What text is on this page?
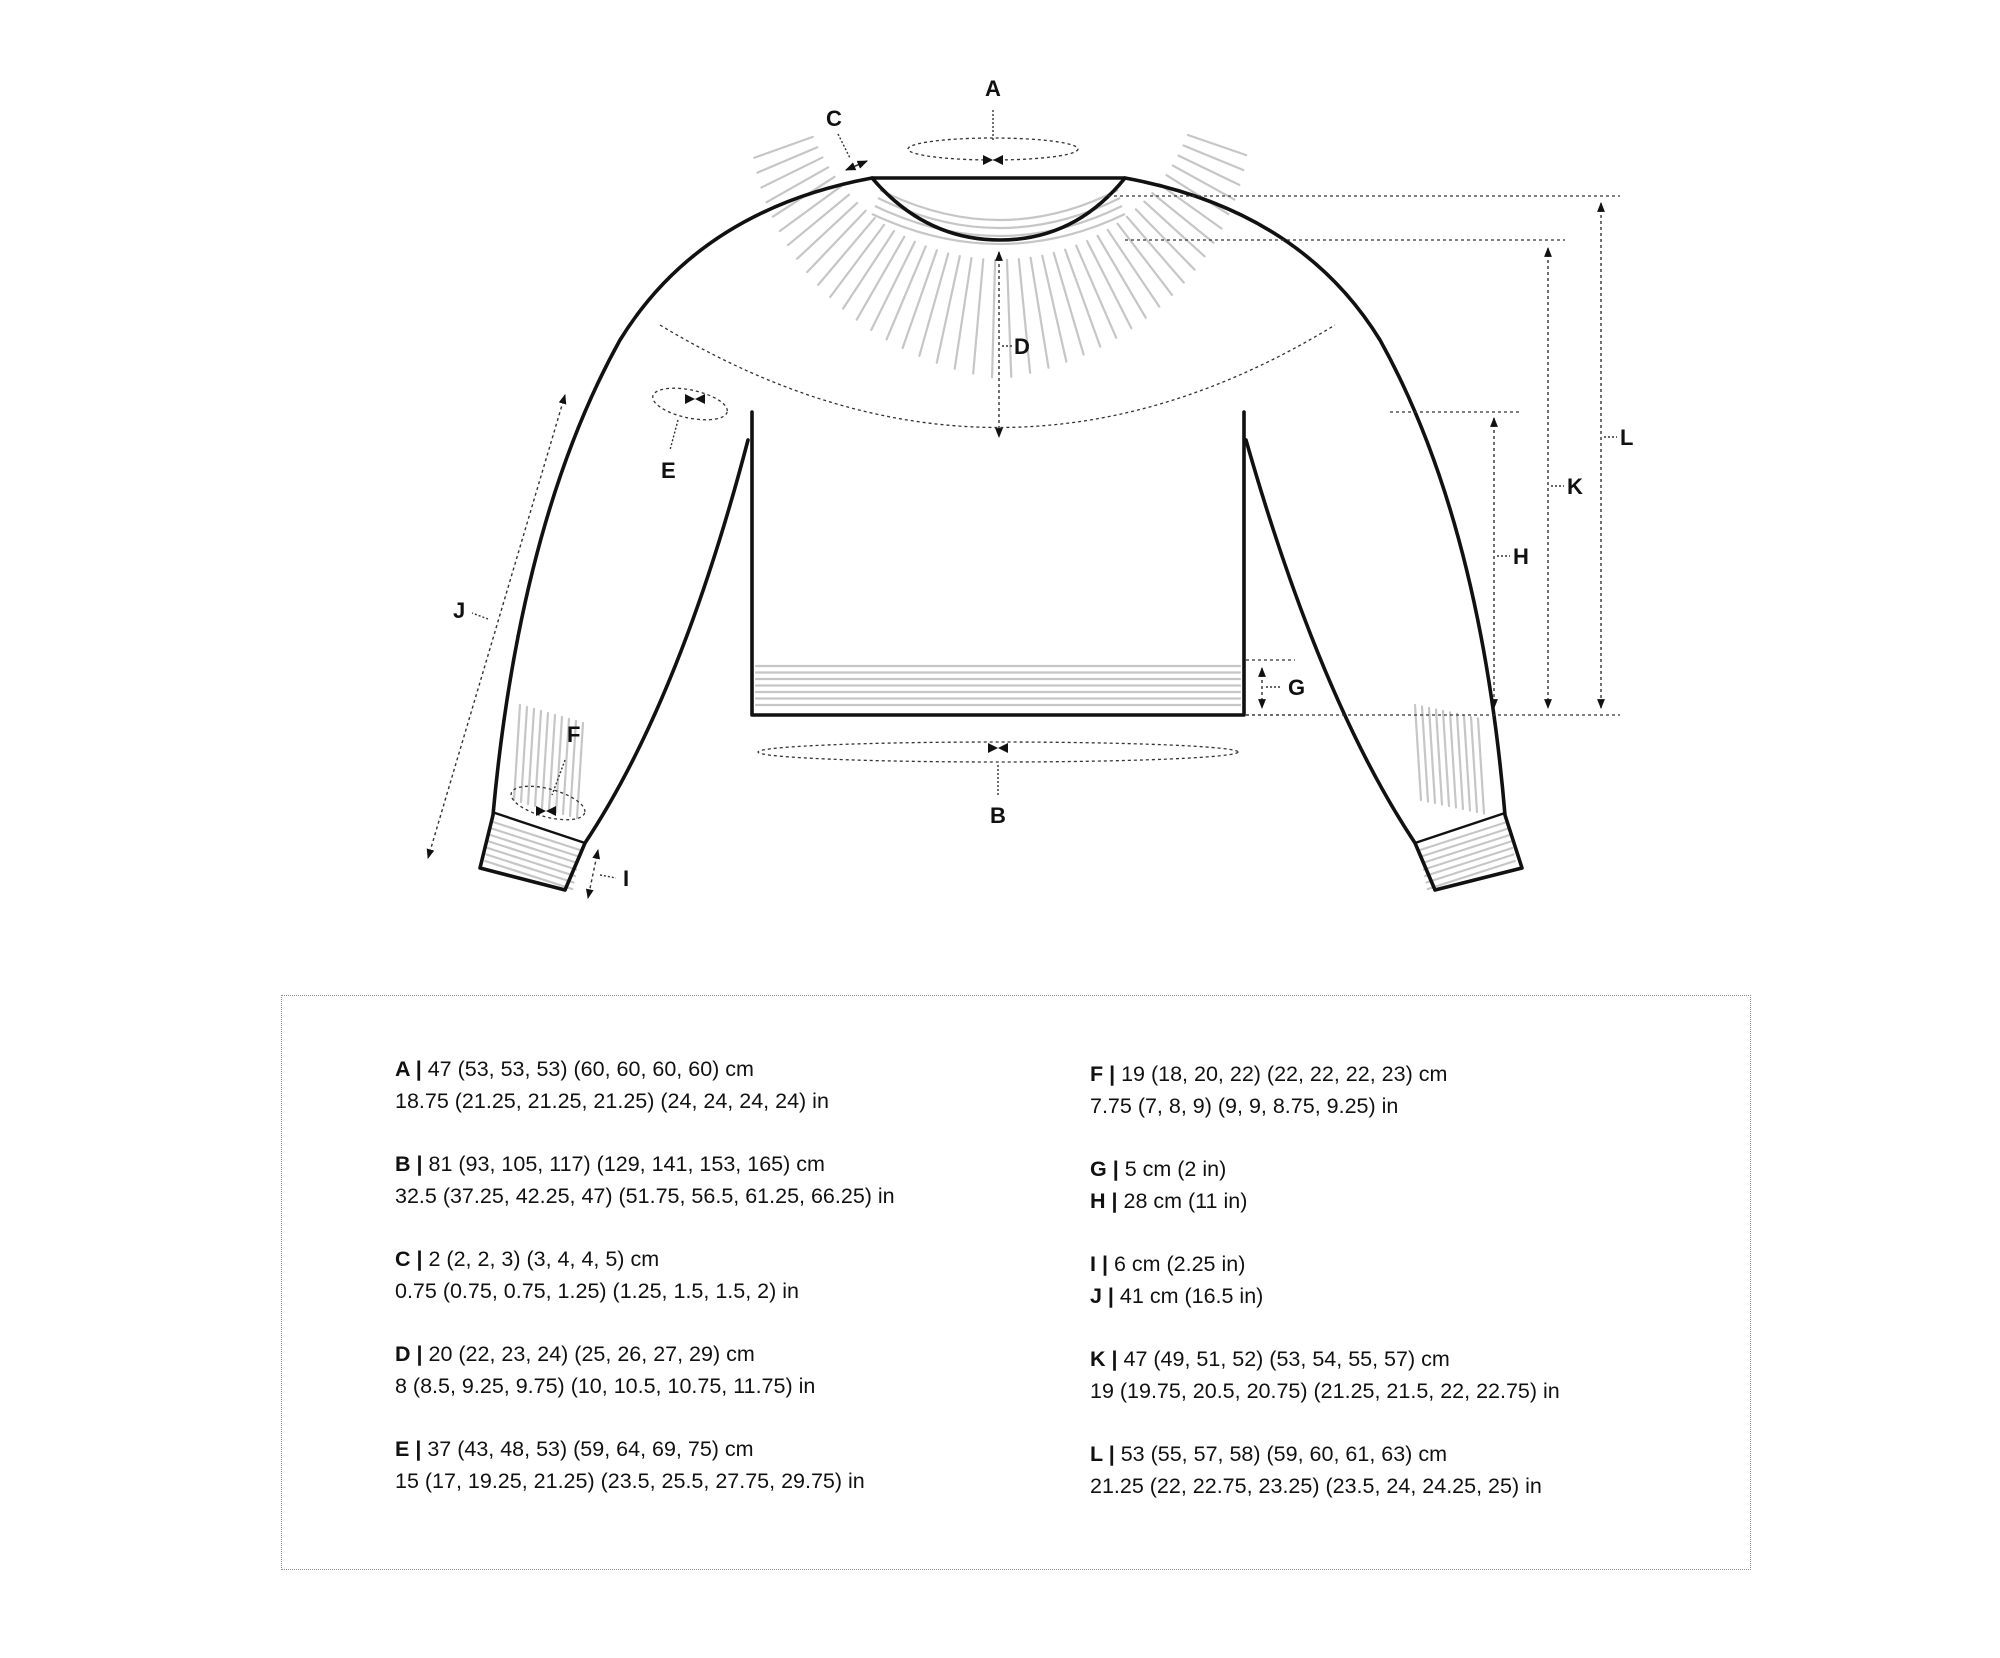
A
C
D
E
J
F
I
B
G
H
K
L
A | 47 (53, 53, 53) (60, 60, 60, 60) cm
18.75 (21.25, 21.25, 21.25) (24, 24, 24, 24) in
B | 81 (93, 105, 117) (129, 141, 153, 165) cm
32.5 (37.25, 42.25, 47) (51.75, 56.5, 61.25, 66.25) in
C | 2 (2, 2, 3) (3, 4, 4, 5) cm
0.75 (0.75, 0.75, 1.25) (1.25, 1.5, 1.5, 2) in
D | 20 (22, 23, 24) (25, 26, 27, 29) cm
8 (8.5, 9.25, 9.75) (10, 10.5, 10.75, 11.75) in
E | 37 (43, 48, 53) (59, 64, 69, 75) cm
15 (17, 19.25, 21.25) (23.5, 25.5, 27.75, 29.75) in
F | 19 (18, 20, 22) (22, 22, 22, 23) cm
7.75 (7, 8, 9) (9, 9, 8.75, 9.25) in
G | 5 cm (2 in)
H | 28 cm (11 in)
I | 6 cm (2.25 in)
J | 41 cm (16.5 in)
K | 47 (49, 51, 52) (53, 54, 55, 57) cm
19 (19.75, 20.5, 20.75) (21.25, 21.5, 22, 22.75) in
L | 53 (55, 57, 58) (59, 60, 61, 63) cm
21.25 (22, 22.75, 23.25) (23.5, 24, 24.25, 25) in
